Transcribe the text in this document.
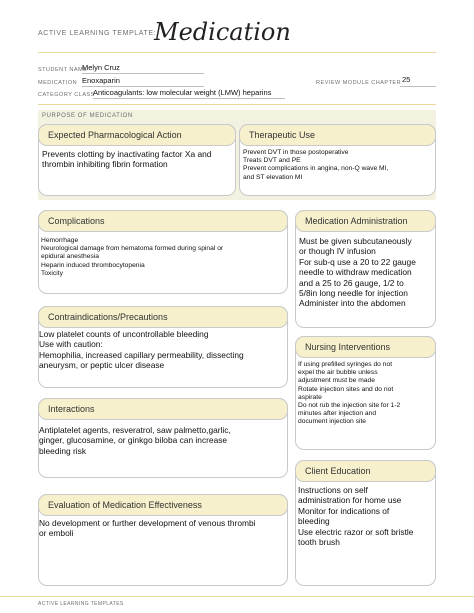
ACTIVE LEARNING TEMPLATE:
Medication
STUDENT NAME
Melyn Cruz
MEDICATION Enoxaparin	REVIEW MODULE CHAPTER 25
CATEGORY CLASS
Anticoagulants: low molecular weight (LMW) heparins
PURPOSE OF MEDICATION
Expected Pharmacological Action
Prevents clotting by inactivating factor Xa and
thrombin inhibiting fibrin formation
Therapeutic Use
Prevent DVT in those postoperative
Treats DVT and PE
Prevent complications in angina, non-Q wave MI,
and ST elevation MI
Complications
Hemorrhage
Neurological damage from hematoma formed during spinal or
epidural anesthesia
Heparin induced thrombocytopenia
Toxicity
Medication Administration
Must be given subcutaneously
or though IV infusion
For sub-q use a 20 to 22 gauge
needle to withdraw medication
and a 25 to 26 gauge, 1/2 to
5/8in long needle for injection
Administer into the abdomen
Contraindications/Precautions
Low platelet counts of uncontrollable bleeding
Use with caution:
Hemophilia, increased capillary permeability, dissecting
aneurysm, or peptic ulcer disease
Nursing Interventions
If using prefilled syringes do not
expel the air bubble unless
adjustment must be made
Rotate injection sites and do not
aspirate
Do not rub the injection site for 1-2
minutes after injection and
document injection site
Interactions
Antiplatelet agents, resveratrol, saw palmetto,garlic,
ginger, glucosamine, or ginkgo biloba can increase
bleeding risk
Client Education
Instructions on self
administration for home use
Monitor for indications of
bleeding
Use electric razor or soft bristle
tooth brush
Evaluation of Medication Effectiveness
No development or further development of venous thrombi
or emboli
ACTIVE LEARNING TEMPLATES
